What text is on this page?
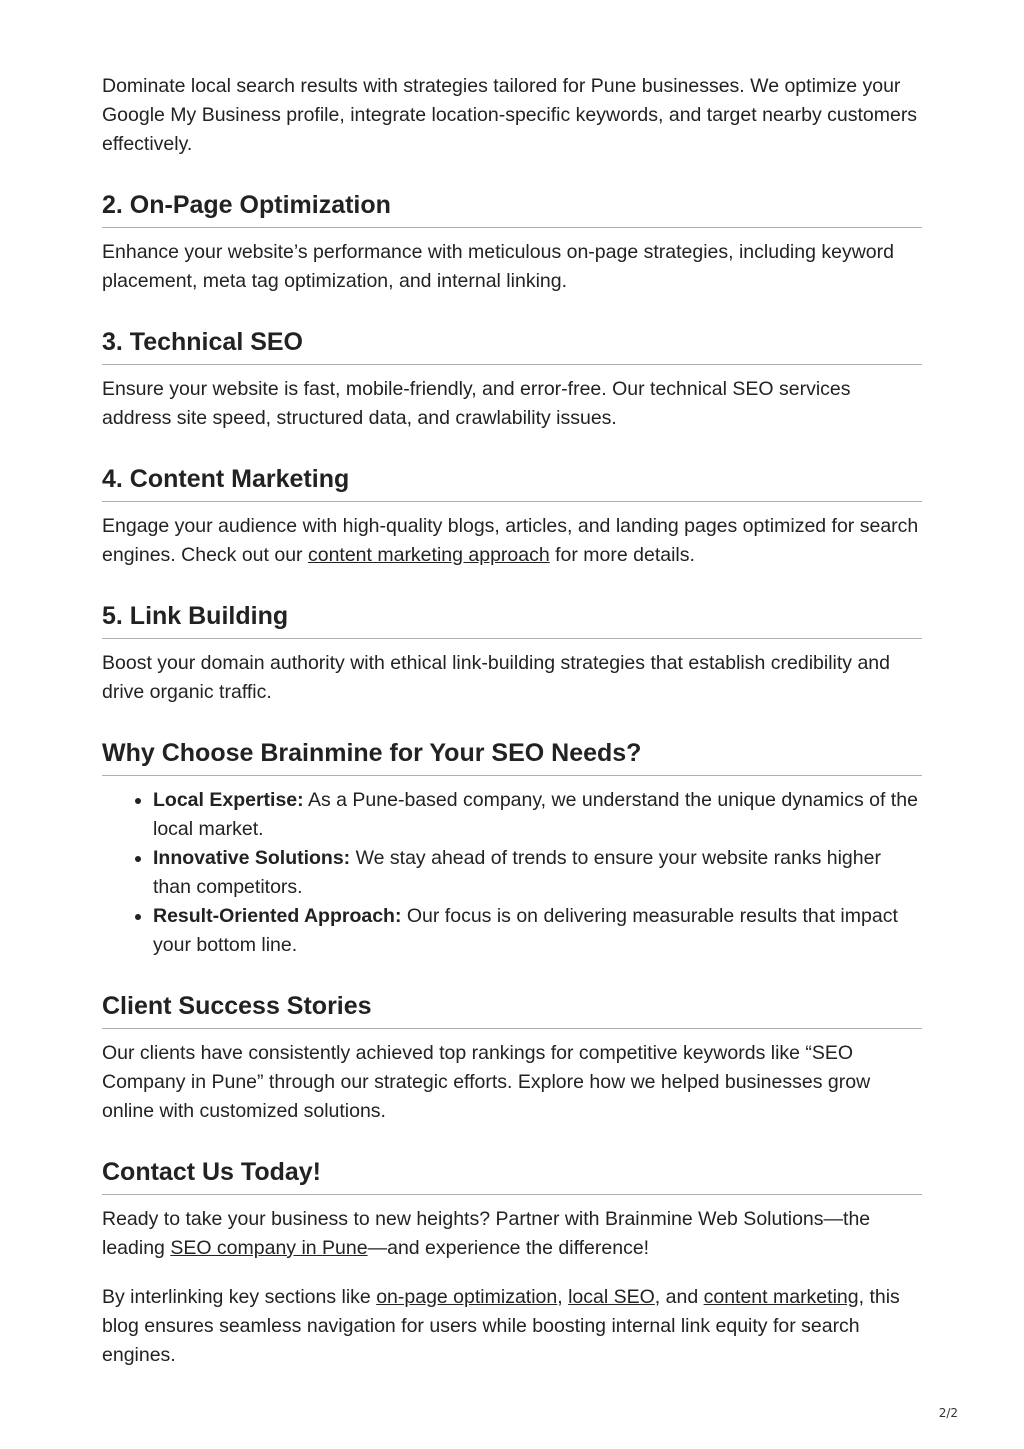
Dominate local search results with strategies tailored for Pune businesses. We optimize your Google My Business profile, integrate location-specific keywords, and target nearby customers effectively.

2. On-Page Optimization

Enhance your website’s performance with meticulous on-page strategies, including keyword placement, meta tag optimization, and internal linking.

3. Technical SEO

Ensure your website is fast, mobile-friendly, and error-free. Our technical SEO services address site speed, structured data, and crawlability issues.

4. Content Marketing

Engage your audience with high-quality blogs, articles, and landing pages optimized for search engines. Check out our content marketing approach for more details.

5. Link Building

Boost your domain authority with ethical link-building strategies that establish credibility and drive organic traffic.

Why Choose Brainmine for Your SEO Needs?
• Local Expertise: As a Pune-based company, we understand the unique dynamics of the local market.
• Innovative Solutions: We stay ahead of trends to ensure your website ranks higher than competitors.
• Result-Oriented Approach: Our focus is on delivering measurable results that impact your bottom line.
Client Success Stories

Our clients have consistently achieved top rankings for competitive keywords like “SEO Company in Pune” through our strategic efforts. Explore how we helped businesses grow online with customized solutions.

Contact Us Today!

Ready to take your business to new heights? Partner with Brainmine Web Solutions—the leading SEO company in Pune—and experience the difference!

By interlinking key sections like on-page optimization, local SEO, and content marketing, this blog ensures seamless navigation for users while boosting internal link equity for search engines.

2/2
